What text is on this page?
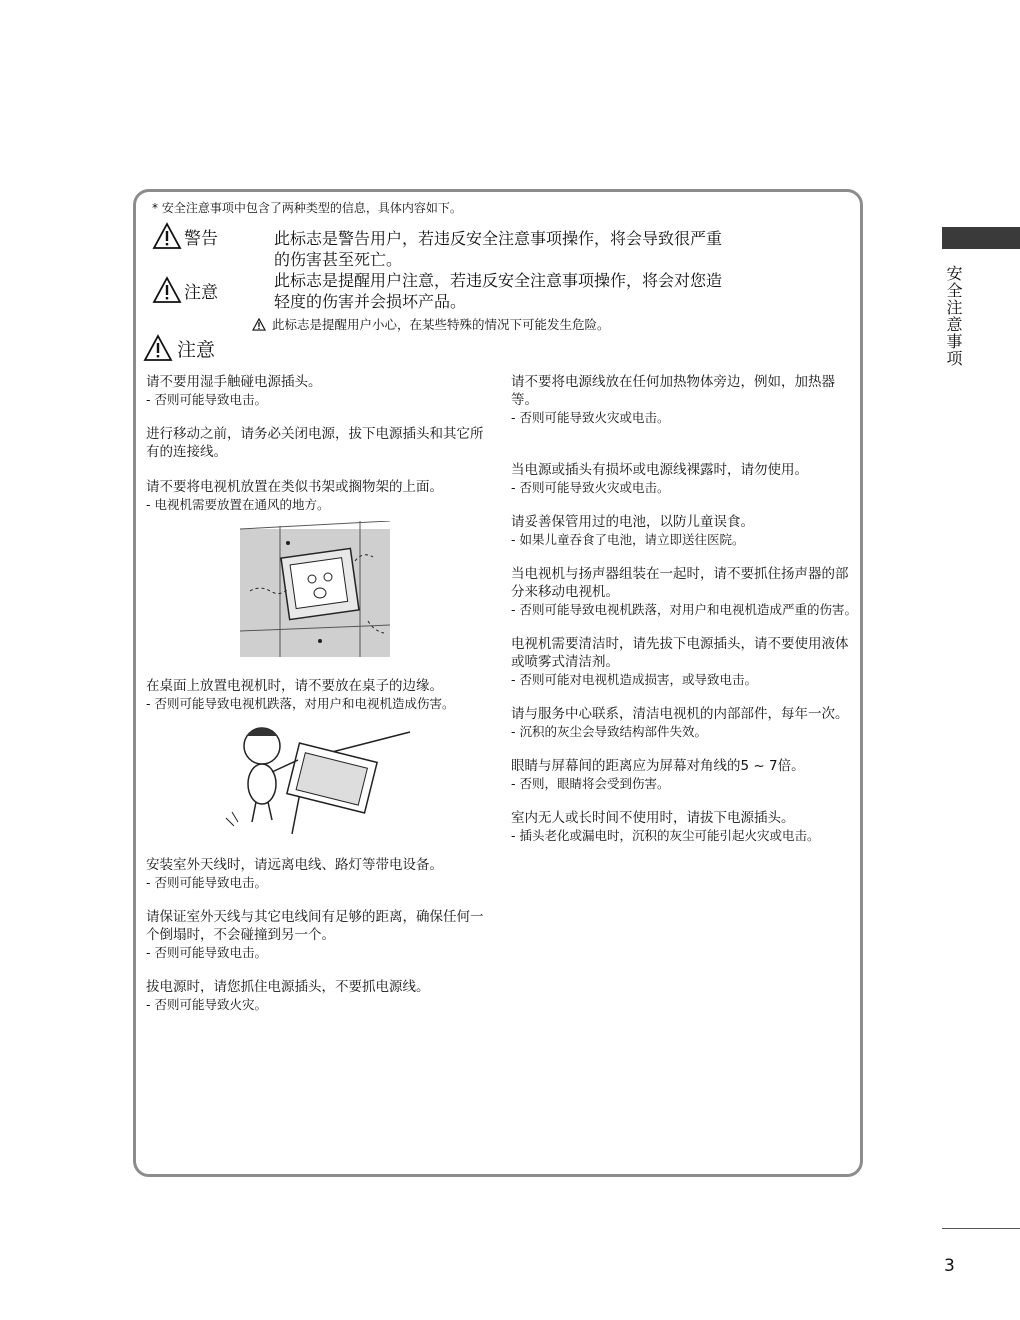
* 安全注意事项中包含了两种类型的信息，具体内容如下。
警告	此标志是警告用户，若违反安全注意事项操作，将会导致很严重
的伤害甚至死亡。
注意
此标志是提醒用户注意，若违反安全注意事项操作，将会对您造
轻度的伤害并会损坏产品。
此标志是提醒用户小心，在某些特殊的情况下可能发生危险。
注意
请不要用湿手触碰电源插头。
- 否则可能导致电击。
进行移动之前，请务必关闭电源，拔下电源插头和其它所有的连接线。
请不要将电视机放置在类似书架或搁物架的上面。
- 电视机需要放置在通风的地方。
在桌面上放置电视机时，请不要放在桌子的边缘。
- 否则可能导致电视机跌落，对用户和电视机造成伤害。
安装室外天线时，请远离电线、路灯等带电设备。
- 否则可能导致电击。
请保证室外天线与其它电线间有足够的距离，确保任何一个倒塌时，不会碰撞到另一个。
- 否则可能导致电击。
拔电源时，请您抓住电源插头，不要抓电源线。
- 否则可能导致火灾。
请不要将电源线放在任何加热物体旁边，例如，加热器等。
- 否则可能导致火灾或电击。
当电源或插头有损坏或电源线裸露时，请勿使用。
- 否则可能导致火灾或电击。
请妥善保管用过的电池，以防儿童误食。
- 如果儿童吞食了电池，请立即送往医院。
当电视机与扬声器组装在一起时，请不要抓住扬声器的部分来移动电视机。
- 否则可能导致电视机跌落，对用户和电视机造成严重的伤害。
电视机需要清洁时，请先拔下电源插头，请不要使用液体或喷雾式清洁剂。
- 否则可能对电视机造成损害，或导致电击。
请与服务中心联系，清洁电视机的内部部件，每年一次。
- 沉积的灰尘会导致结构部件失效。
眼睛与屏幕间的距离应为屏幕对角线的5 ~ 7倍。
- 否则，眼睛将会受到伤害。
室内无人或长时间不使用时，请拔下电源插头。
- 插头老化或漏电时，沉积的灰尘可能引起火灾或电击。
安全注意事项
3
